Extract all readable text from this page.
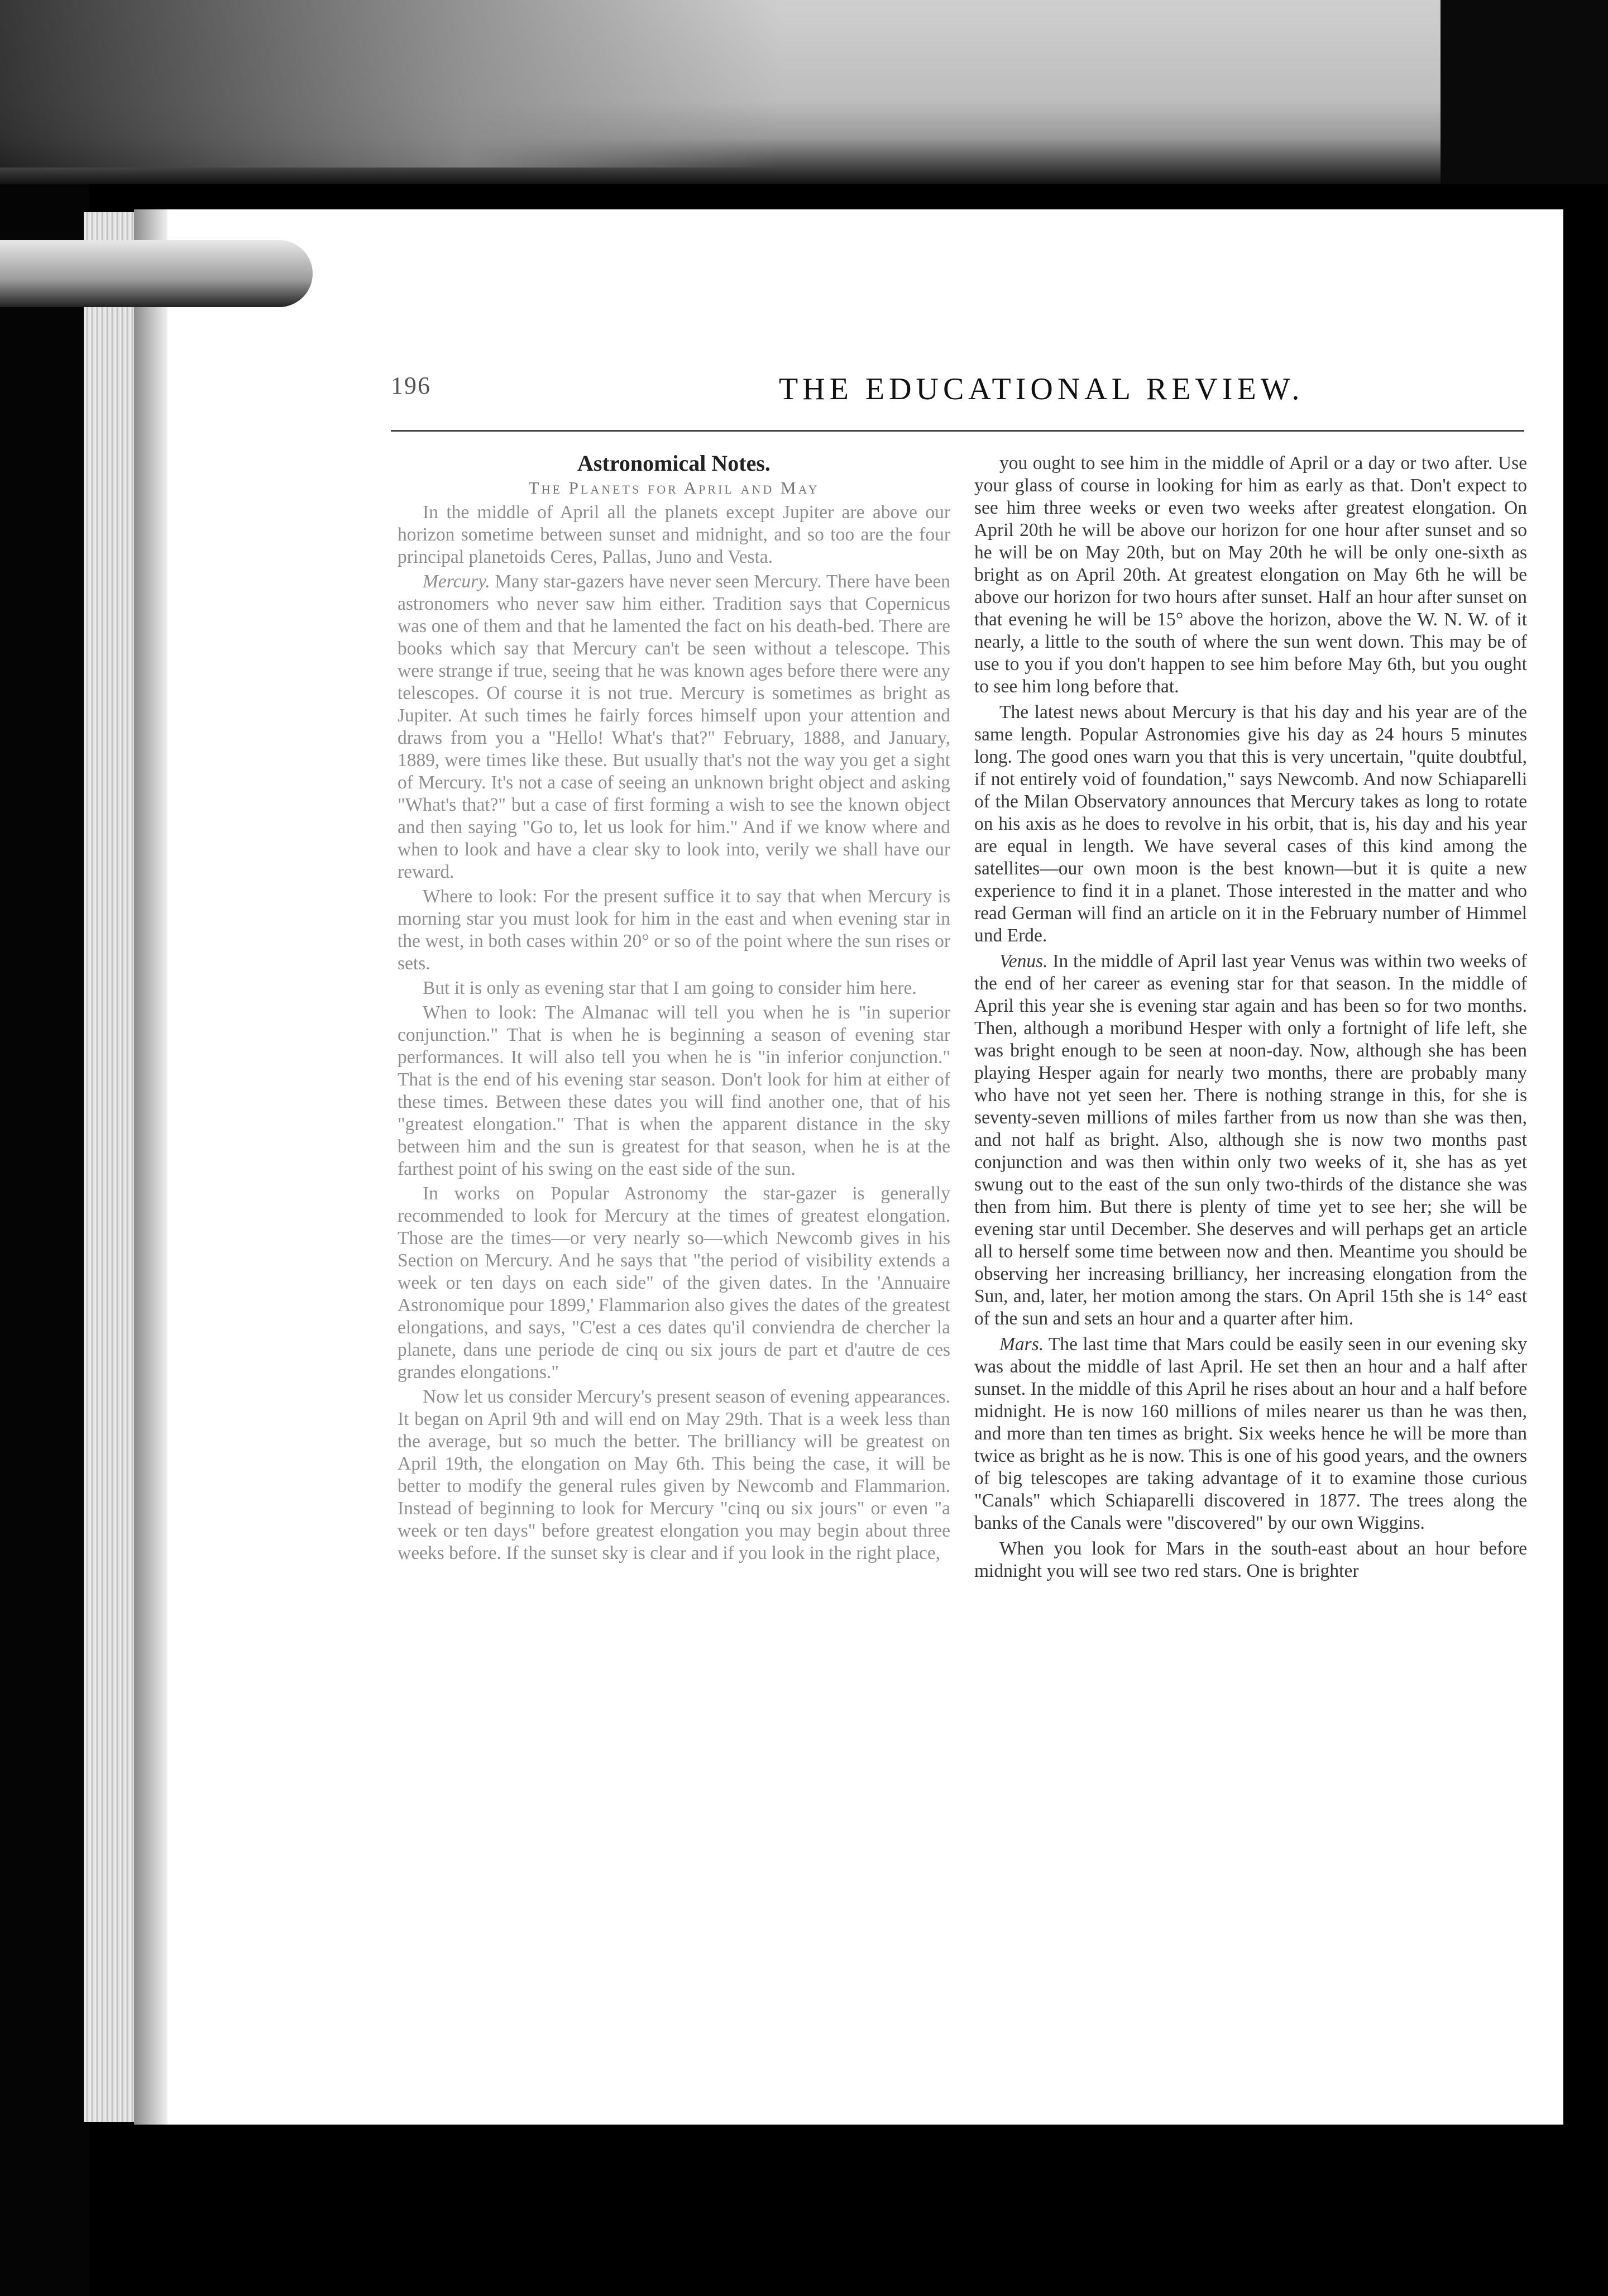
196	THE EDUCATIONAL REVIEW.

Astronomical Notes.

The Planets for April and May

In the middle of April all the planets except Jupiter are above our horizon sometime between sunset and midnight, and so too are the four principal planetoids Ceres, Pallas, Juno and Vesta.

Mercury. Many star-gazers have never seen Mercury. There have been astronomers who never saw him either. Tradition says that Copernicus was one of them and that he lamented the fact on his death-bed. There are books which say that Mercury can't be seen without a telescope. This were strange if true, seeing that he was known ages before there were any telescopes. Of course it is not true. Mercury is sometimes as bright as Jupiter. At such times he fairly forces himself upon your attention and draws from you a "Hello! What's that?" February, 1888, and January, 1889, were times like these. But usually that's not the way you get a sight of Mercury. It's not a case of seeing an unknown bright object and asking "What's that?" but a case of first forming a wish to see the known object and then saying "Go to, let us look for him." And if we know where and when to look and have a clear sky to look into, verily we shall have our reward.

Where to look: For the present suffice it to say that when Mercury is morning star you must look for him in the east and when evening star in the west, in both cases within 20° or so of the point where the sun rises or sets.

But it is only as evening star that I am going to consider him here.

When to look: The Almanac will tell you when he is "in superior conjunction." That is when he is beginning a season of evening star performances. It will also tell you when he is "in inferior conjunction." That is the end of his evening star season. Don't look for him at either of these times. Between these dates you will find another one, that of his "greatest elongation." That is when the apparent distance in the sky between him and the sun is greatest for that season, when he is at the farthest point of his swing on the east side of the sun.

In works on Popular Astronomy the star-gazer is generally recommended to look for Mercury at the times of greatest elongation. Those are the times—or very nearly so—which Newcomb gives in his Section on Mercury. And he says that "the period of visibility extends a week or ten days on each side" of the given dates. In the 'Annuaire Astronomique pour 1899,' Flammarion also gives the dates of the greatest elongations, and says, "C'est a ces dates qu'il conviendra de chercher la planete, dans une periode de cinq ou six jours de part et d'autre de ces grandes elongations."

Now let us consider Mercury's present season of evening appearances. It began on April 9th and will end on May 29th. That is a week less than the average, but so much the better. The brilliancy will be greatest on April 19th, the elongation on May 6th. This being the case, it will be better to modify the general rules given by Newcomb and Flammarion. Instead of beginning to look for Mercury "cinq ou six jours" or even "a week or ten days" before greatest elongation you may begin about three weeks before. If the sunset sky is clear and if you look in the right place,

you ought to see him in the middle of April or a day or two after. Use your glass of course in looking for him as early as that. Don't expect to see him three weeks or even two weeks after greatest elongation. On April 20th he will be above our horizon for one hour after sunset and so he will be on May 20th, but on May 20th he will be only one-sixth as bright as on April 20th. At greatest elongation on May 6th he will be above our horizon for two hours after sunset. Half an hour after sunset on that evening he will be 15° above the horizon, above the W. N. W. of it nearly, a little to the south of where the sun went down. This may be of use to you if you don't happen to see him before May 6th, but you ought to see him long before that.

The latest news about Mercury is that his day and his year are of the same length. Popular Astronomies give his day as 24 hours 5 minutes long. The good ones warn you that this is very uncertain, "quite doubtful, if not entirely void of foundation," says Newcomb. And now Schiaparelli of the Milan Observatory announces that Mercury takes as long to rotate on his axis as he does to revolve in his orbit, that is, his day and his year are equal in length. We have several cases of this kind among the satellites—our own moon is the best known—but it is quite a new experience to find it in a planet. Those interested in the matter and who read German will find an article on it in the February number of Himmel und Erde.

Venus. In the middle of April last year Venus was within two weeks of the end of her career as evening star for that season. In the middle of April this year she is evening star again and has been so for two months. Then, although a moribund Hesper with only a fortnight of life left, she was bright enough to be seen at noon-day. Now, although she has been playing Hesper again for nearly two months, there are probably many who have not yet seen her. There is nothing strange in this, for she is seventy-seven millions of miles farther from us now than she was then, and not half as bright. Also, although she is now two months past conjunction and was then within only two weeks of it, she has as yet swung out to the east of the sun only two-thirds of the distance she was then from him. But there is plenty of time yet to see her; she will be evening star until December. She deserves and will perhaps get an article all to herself some time between now and then. Meantime you should be observing her increasing brilliancy, her increasing elongation from the Sun, and, later, her motion among the stars. On April 15th she is 14° east of the sun and sets an hour and a quarter after him.

Mars. The last time that Mars could be easily seen in our evening sky was about the middle of last April. He set then an hour and a half after sunset. In the middle of this April he rises about an hour and a half before midnight. He is now 160 millions of miles nearer us than he was then, and more than ten times as bright. Six weeks hence he will be more than twice as bright as he is now. This is one of his good years, and the owners of big telescopes are taking advantage of it to examine those curious "Canals" which Schiaparelli discovered in 1877. The trees along the banks of the Canals were "discovered" by our own Wiggins.

When you look for Mars in the south-east about an hour before midnight you will see two red stars. One is brighter
